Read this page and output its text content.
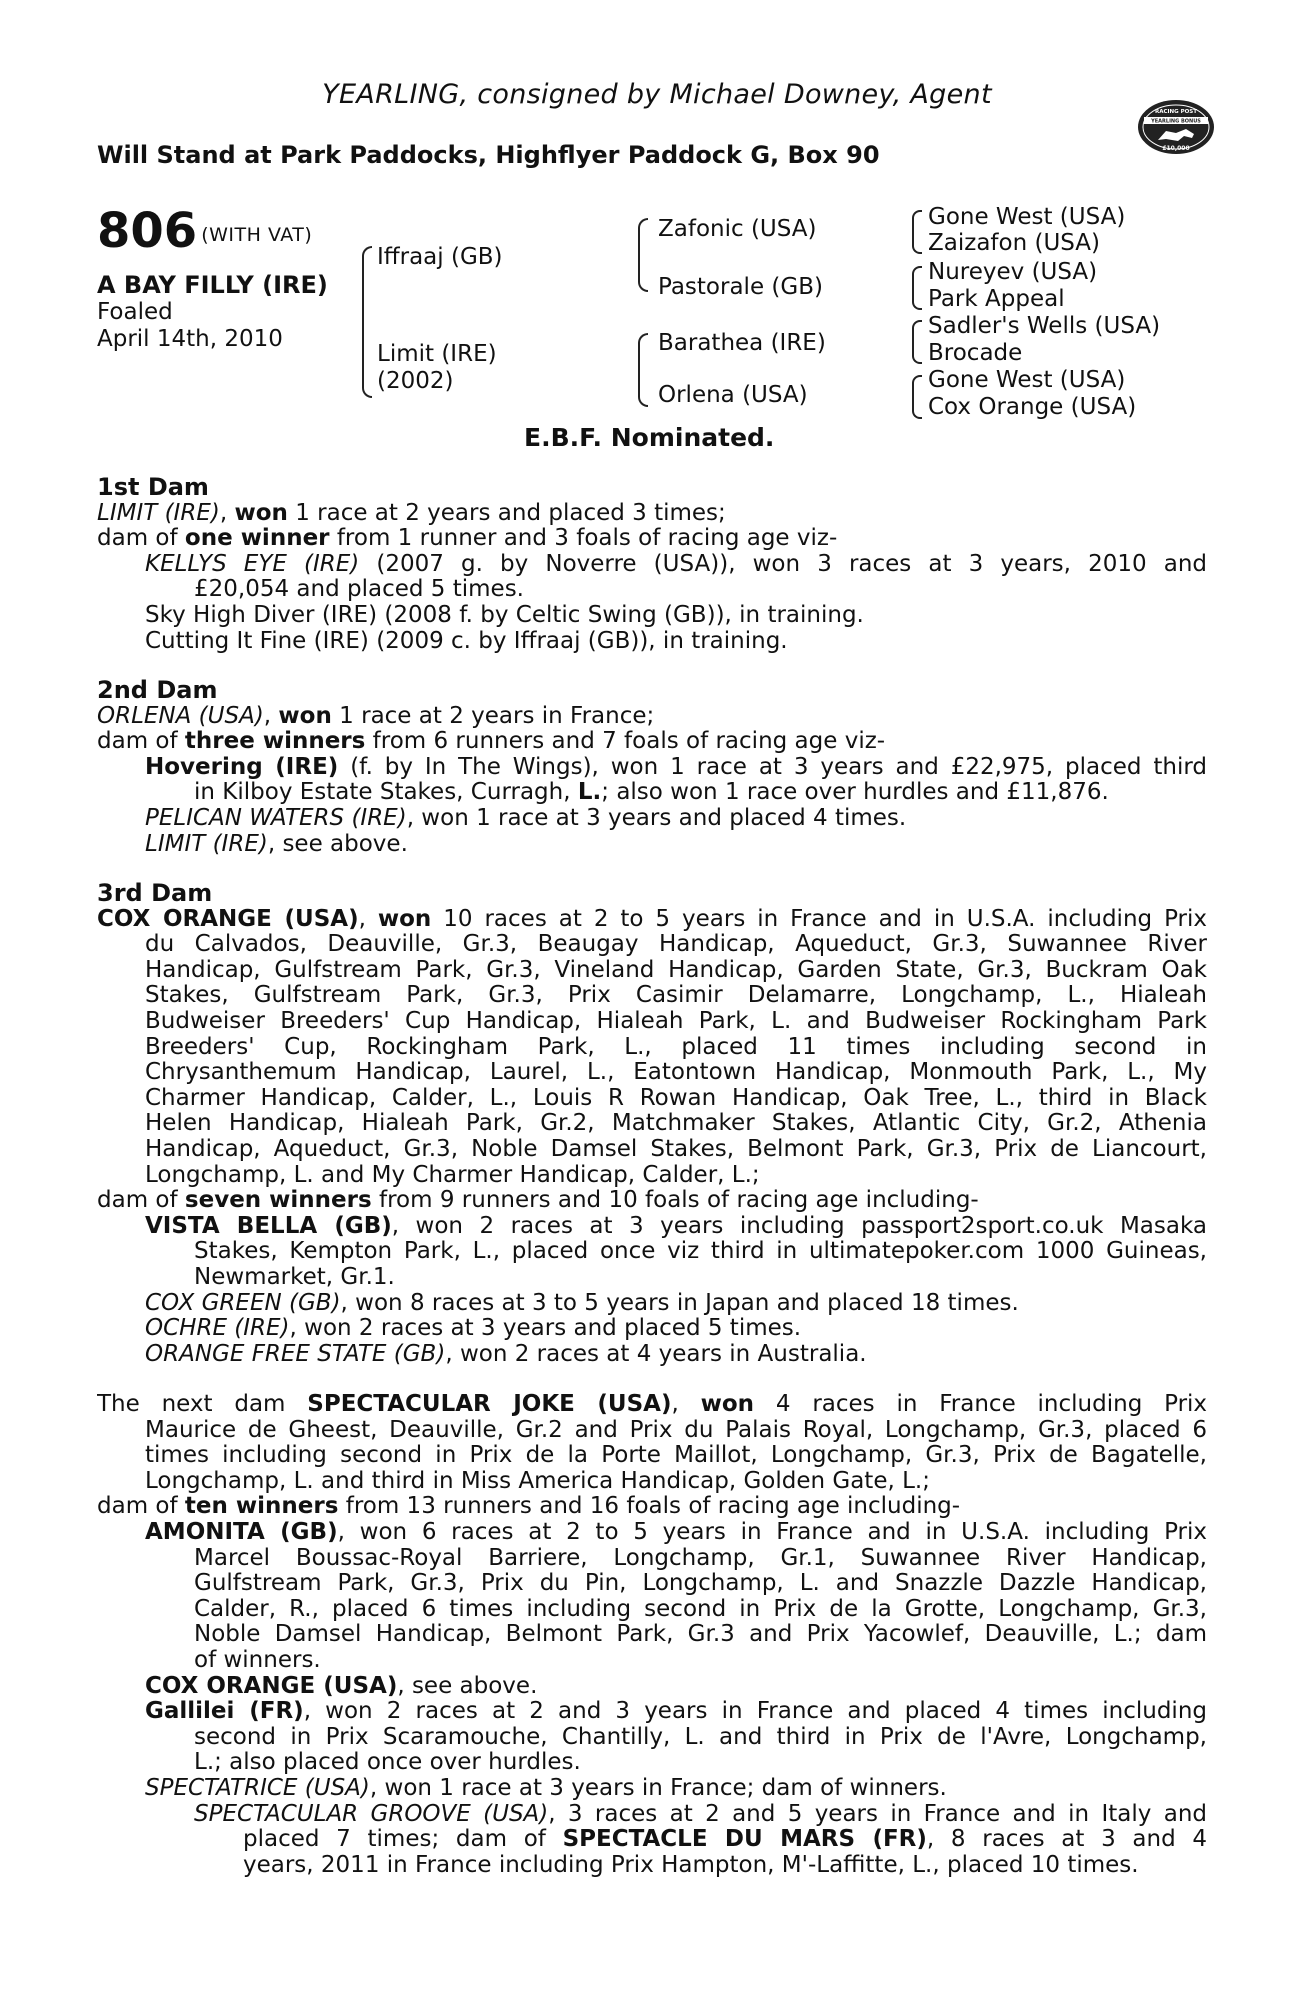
YEARLING, consigned by Michael Downey, Agent
Will Stand at Park Paddocks, Highflyer Paddock G, Box 90
RACING POST
YEARLING BONUS
£10,000
806 $^{(WITH VAT)}$
A BAY FILLY (IRE)
Foaled
April 14th, 2010
Iffraaj (GB)
Limit (IRE)
(2002)
Zafonic (USA)
Pastorale (GB)
Barathea (IRE)
Orlena (USA)
Gone West (USA)
Zaizafon (USA)
Nureyev (USA)
Park Appeal
Sadler's Wells (USA)
Brocade
Gone West (USA)
Cox Orange (USA)
E.B.F. Nominated.
1st Dam
LIMIT (IRE), won 1 race at 2 years and placed 3 times;
dam of one winner from 1 runner and 3 foals of racing age viz-
KELLYS EYE (IRE) (2007 g. by Noverre (USA)), won 3 races at 3 years, 2010 and
£20,054 and placed 5 times.
Sky High Diver (IRE) (2008 f. by Celtic Swing (GB)), in training.
Cutting It Fine (IRE) (2009 c. by Iffraaj (GB)), in training.
2nd Dam
ORLENA (USA), won 1 race at 2 years in France;
dam of three winners from 6 runners and 7 foals of racing age viz-
Hovering (IRE) (f. by In The Wings), won 1 race at 3 years and £22,975, placed third
in Kilboy Estate Stakes, Curragh, L.; also won 1 race over hurdles and £11,876.
PELICAN WATERS (IRE), won 1 race at 3 years and placed 4 times.
LIMIT (IRE), see above.
3rd Dam
COX ORANGE (USA), won 10 races at 2 to 5 years in France and in U.S.A. including Prix
du Calvados, Deauville, Gr.3, Beaugay Handicap, Aqueduct, Gr.3, Suwannee River
Handicap, Gulfstream Park, Gr.3, Vineland Handicap, Garden State, Gr.3, Buckram Oak
Stakes, Gulfstream Park, Gr.3, Prix Casimir Delamarre, Longchamp, L., Hialeah
Budweiser Breeders' Cup Handicap, Hialeah Park, L. and Budweiser Rockingham Park
Breeders' Cup, Rockingham Park, L., placed 11 times including second in
Chrysanthemum Handicap, Laurel, L., Eatontown Handicap, Monmouth Park, L., My
Charmer Handicap, Calder, L., Louis R Rowan Handicap, Oak Tree, L., third in Black
Helen Handicap, Hialeah Park, Gr.2, Matchmaker Stakes, Atlantic City, Gr.2, Athenia
Handicap, Aqueduct, Gr.3, Noble Damsel Stakes, Belmont Park, Gr.3, Prix de Liancourt,
Longchamp, L. and My Charmer Handicap, Calder, L.;
dam of seven winners from 9 runners and 10 foals of racing age including-
VISTA BELLA (GB), won 2 races at 3 years including passport2sport.co.uk Masaka
Stakes, Kempton Park, L., placed once viz third in ultimatepoker.com 1000 Guineas,
Newmarket, Gr.1.
COX GREEN (GB), won 8 races at 3 to 5 years in Japan and placed 18 times.
OCHRE (IRE), won 2 races at 3 years and placed 5 times.
ORANGE FREE STATE (GB), won 2 races at 4 years in Australia.
The next dam SPECTACULAR JOKE (USA), won 4 races in France including Prix
Maurice de Gheest, Deauville, Gr.2 and Prix du Palais Royal, Longchamp, Gr.3, placed 6
times including second in Prix de la Porte Maillot, Longchamp, Gr.3, Prix de Bagatelle,
Longchamp, L. and third in Miss America Handicap, Golden Gate, L.;
dam of ten winners from 13 runners and 16 foals of racing age including-
AMONITA (GB), won 6 races at 2 to 5 years in France and in U.S.A. including Prix
Marcel Boussac-Royal Barriere, Longchamp, Gr.1, Suwannee River Handicap,
Gulfstream Park, Gr.3, Prix du Pin, Longchamp, L. and Snazzle Dazzle Handicap,
Calder, R., placed 6 times including second in Prix de la Grotte, Longchamp, Gr.3,
Noble Damsel Handicap, Belmont Park, Gr.3 and Prix Yacowlef, Deauville, L.; dam
of winners.
COX ORANGE (USA), see above.
Gallilei (FR), won 2 races at 2 and 3 years in France and placed 4 times including
second in Prix Scaramouche, Chantilly, L. and third in Prix de l'Avre, Longchamp,
L.; also placed once over hurdles.
SPECTATRICE (USA), won 1 race at 3 years in France; dam of winners.
SPECTACULAR GROOVE (USA), 3 races at 2 and 5 years in France and in Italy and
placed 7 times; dam of SPECTACLE DU MARS (FR), 8 races at 3 and 4
years, 2011 in France including Prix Hampton, M'-Laffitte, L., placed 10 times.
